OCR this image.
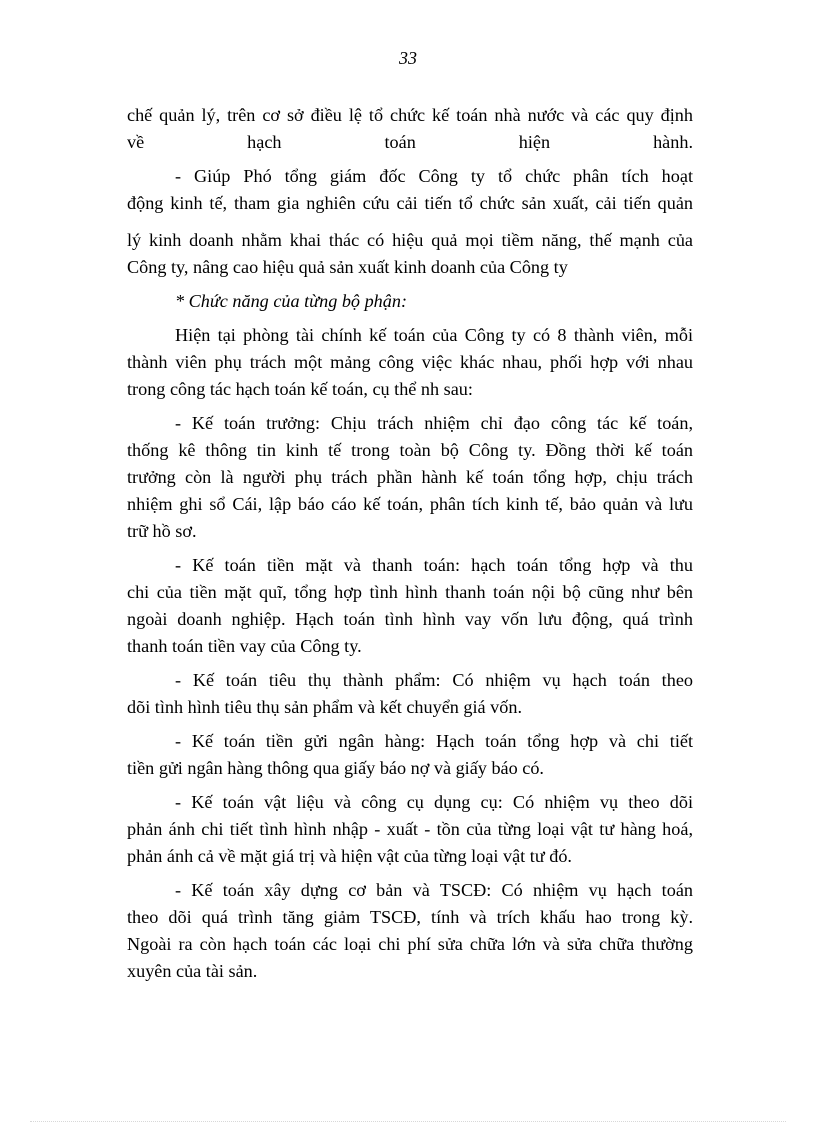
33
chế quản lý, trên cơ sở điều lệ tổ chức kế toán nhà nước và các quy định
về hạch toán hiện hành.
- Giúp Phó tổng giám đốc Công ty tổ chức phân tích hoạt
động kinh tế, tham gia nghiên cứu cải tiến tổ chức sản xuất, cải tiến quản
lý kinh doanh nhằm khai thác có hiệu quả mọi tiềm năng, thế mạnh của
Công ty, nâng cao hiệu quả sản xuất kinh doanh của Công ty
* Chức năng của từng bộ phận:
Hiện tại phòng tài chính kế toán của Công ty có 8 thành viên, mỗi
thành viên phụ trách một mảng công việc khác nhau, phối hợp với nhau
trong công tác hạch toán kế toán, cụ thể nh sau:
- Kế toán trưởng: Chịu trách nhiệm chỉ đạo công tác kế toán,
thống kê thông tin kinh tế trong toàn bộ Công ty. Đồng thời kế toán
trưởng còn là người phụ trách phần hành kế toán tổng hợp, chịu trách
nhiệm ghi sổ Cái, lập báo cáo kế toán, phân tích kinh tế, bảo quản và lưu
trữ hồ sơ.
- Kế toán tiền mặt và thanh toán: hạch toán tổng hợp và thu
chi của tiền mặt quĩ, tổng hợp tình hình thanh toán nội bộ cũng như bên
ngoài doanh nghiệp. Hạch toán tình hình vay vốn lưu động, quá trình
thanh toán tiền vay của Công ty.
- Kế toán tiêu thụ thành phẩm: Có nhiệm vụ hạch toán theo
dõi tình hình tiêu thụ sản phẩm và kết chuyển giá vốn.
- Kế toán tiền gửi ngân hàng: Hạch toán tổng hợp và chi tiết
tiền gửi ngân hàng thông qua giấy báo nợ và giấy báo có.
- Kế toán vật liệu và công cụ dụng cụ: Có nhiệm vụ theo dõi
phản ánh chi tiết tình hình nhập - xuất - tồn của từng loại vật tư hàng hoá,
phản ánh cả về mặt giá trị và hiện vật của từng loại vật tư đó.
- Kế toán xây dựng cơ bản và TSCĐ: Có nhiệm vụ hạch toán
theo dõi quá trình tăng giảm TSCĐ, tính và trích khấu hao trong kỳ.
Ngoài ra còn hạch toán các loại chi phí sửa chữa lớn và sửa chữa thường
xuyên của tài sản.
